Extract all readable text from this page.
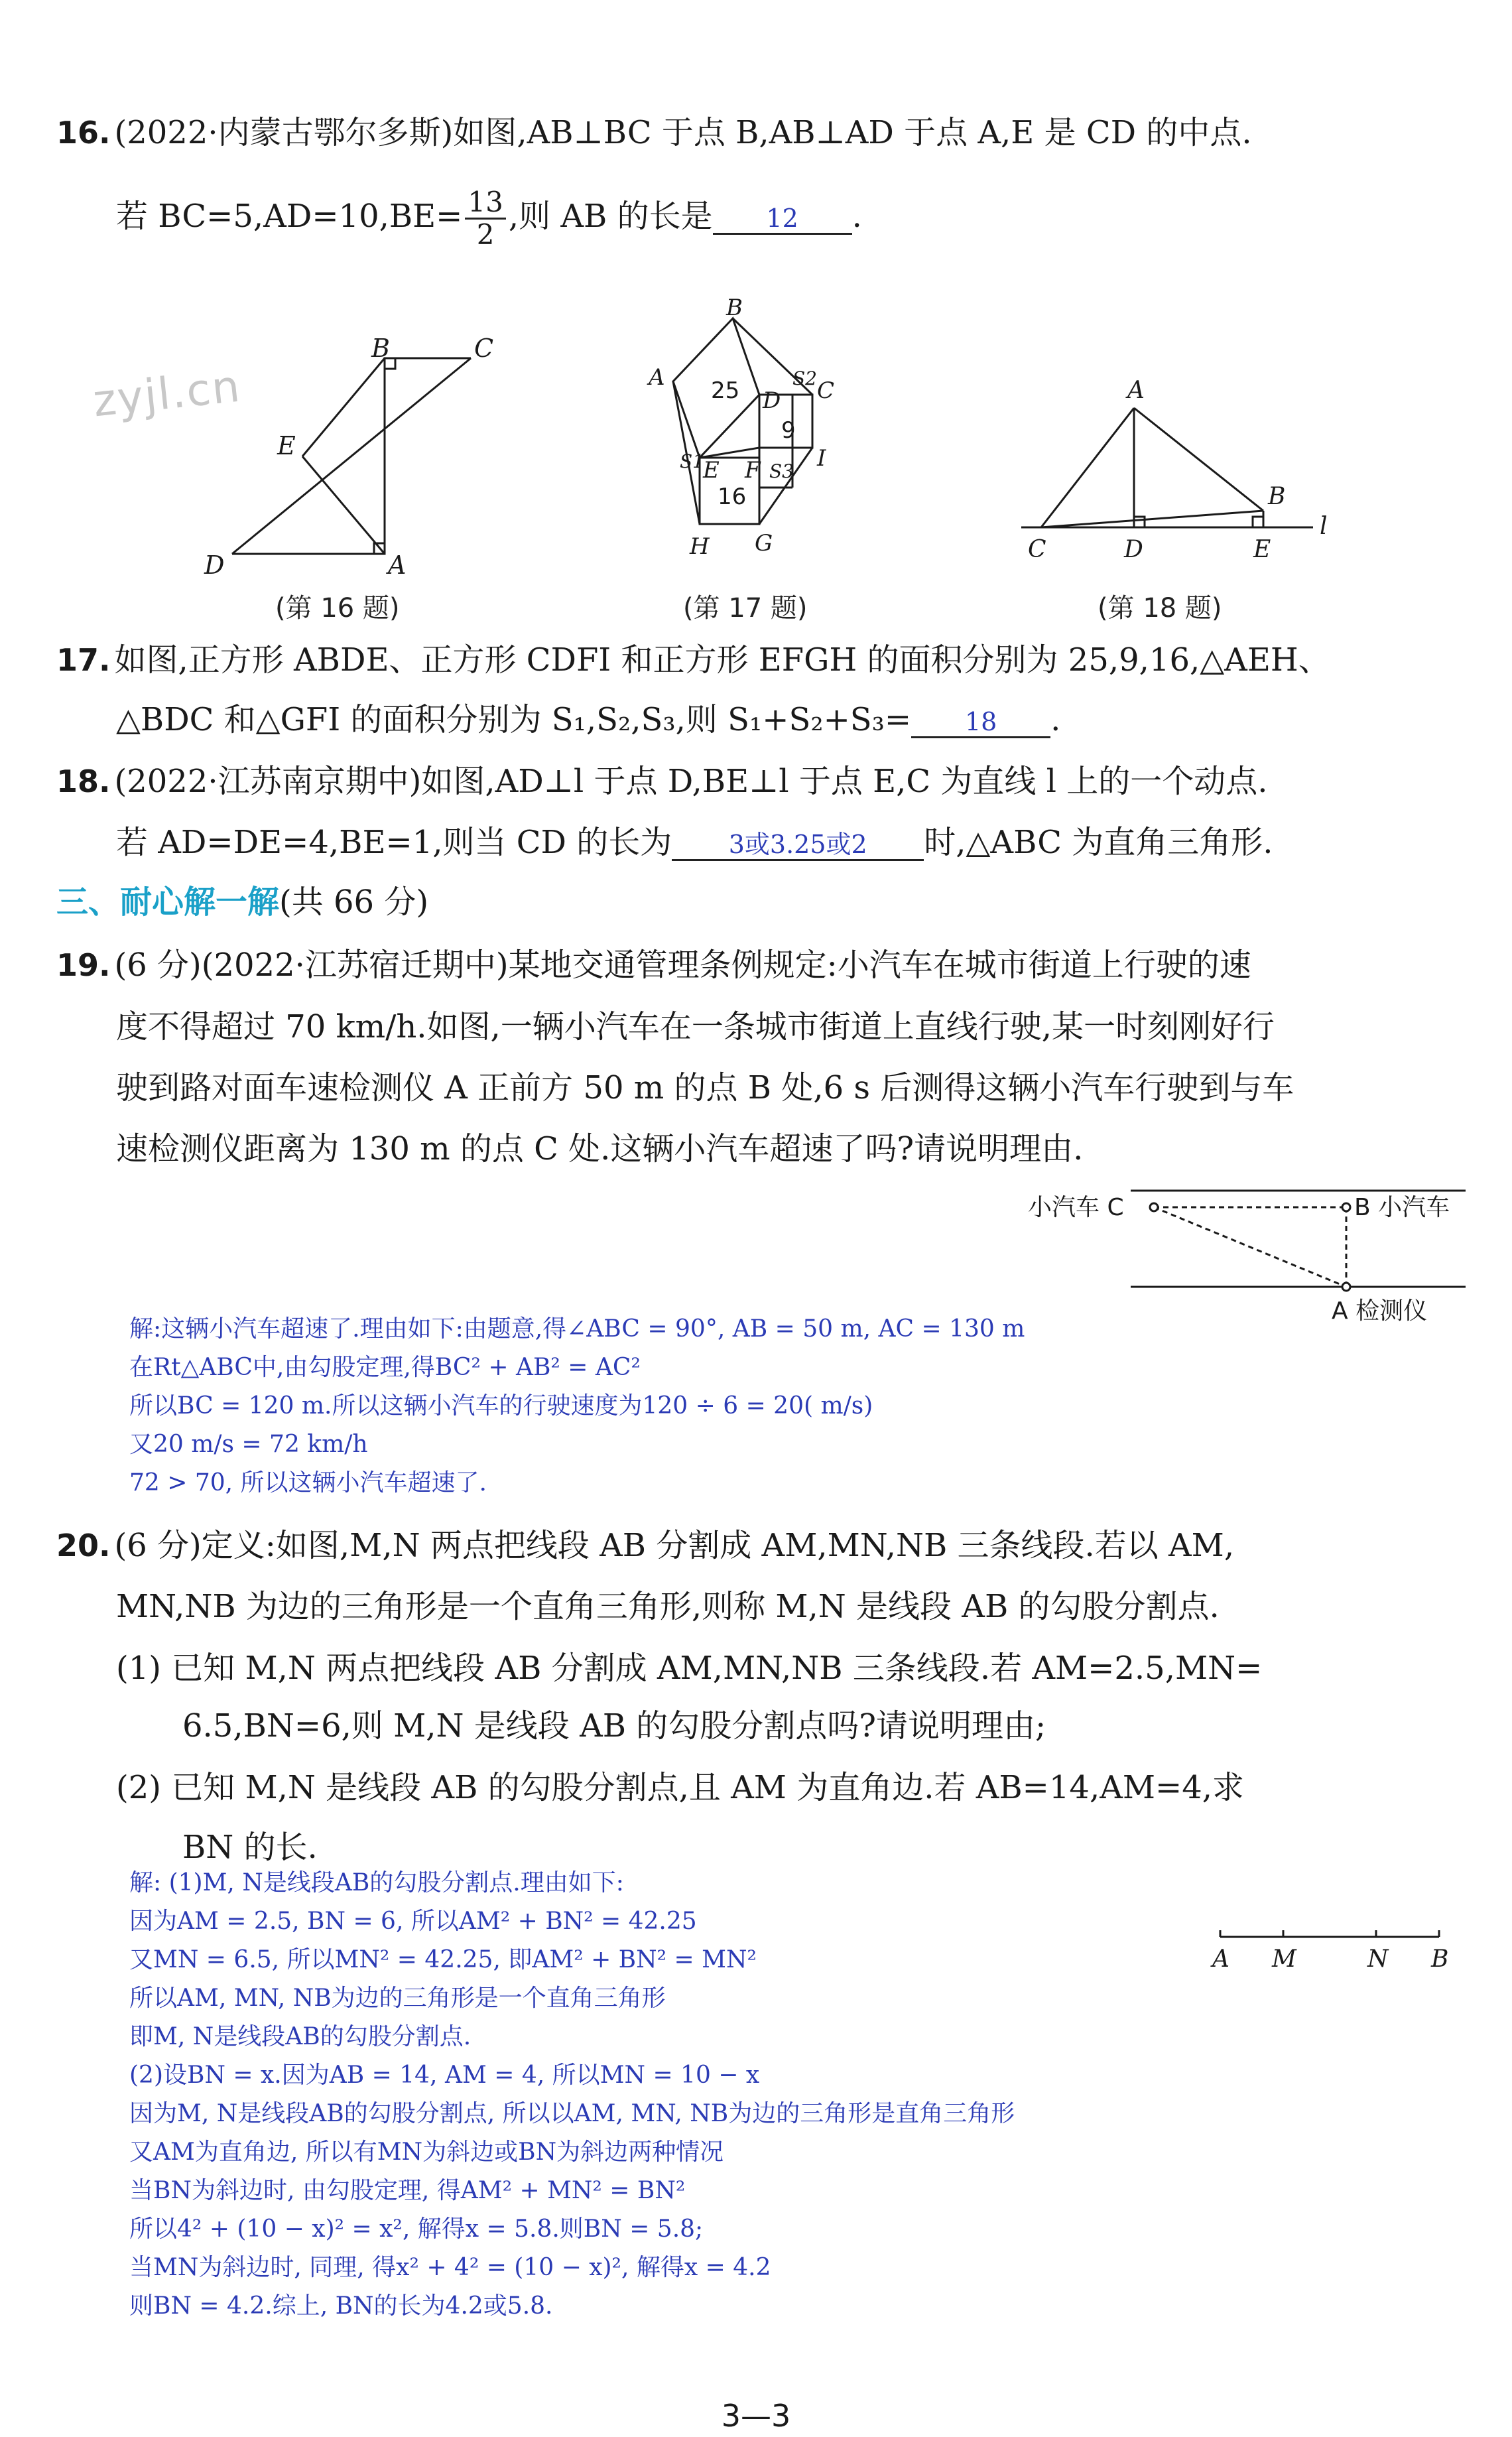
16. (2022·内蒙古鄂尔多斯)如图,AB⊥BC 于点 B,AB⊥AD 于点 A,E 是 CD 的中点.
若 $BC=5,AD=10,BE= \frac{13}{2}$ ,则 AB 的长是 12 .
zyjl.cn
B	C
E
D	A
(第 16 题)
B
A	C
D
S2
25
9
S1
E F S3 I
16
H G
(第 17 题)
A
B
C	D	E
l
(第 18 题)
17. 如图,正方形 ABDE、正方形 CDFI 和正方形 EFGH 的面积分别为 25,9,16,△AEH、
△BDC 和△GFI 的面积分别为 S₁,S₂,S₃,则 S₁+S₂+S₃= 18 .
18. (2022·江苏南京期中)如图,AD⊥l 于点 D,BE⊥l 于点 E,C 为直线 l 上的一个动点.
若 AD=DE=4,BE=1,则当 CD 的长为 3或3.25或2 时,△ABC 为直角三角形.
三、耐心解一解(共 66 分)
19. (6 分)(2022·江苏宿迁期中)某地交通管理条例规定:小汽车在城市街道上行驶的速
度不得超过 70 km/h.如图,一辆小汽车在一条城市街道上直线行驶,某一时刻刚好行
驶到路对面车速检测仪 A 正前方 50 m 的点 B 处,6 s 后测得这辆小汽车行驶到与车
速检测仪距离为 130 m 的点 C 处.这辆小汽车超速了吗?请说明理由.
小汽车 C	B 小汽车
A 检测仪
解:这辆小汽车超速了.理由如下:由题意,得∠ABC = 90°, AB = 50 m, AC = 130 m
在Rt△ABC中,由勾股定理,得BC² + AB² = AC²
所以BC = 120 m.所以这辆小汽车的行驶速度为120 ÷ 6 = 20( m/s)
又20 m/s = 72 km/h
72 > 70, 所以这辆小汽车超速了.
20. (6 分)定义:如图,M,N 两点把线段 AB 分割成 AM,MN,NB 三条线段.若以 AM,
MN,NB 为边的三角形是一个直角三角形,则称 M,N 是线段 AB 的勾股分割点.
(1) 已知 M,N 两点把线段 AB 分割成 AM,MN,NB 三条线段.若 AM=2.5,MN=
6.5,BN=6,则 M,N 是线段 AB 的勾股分割点吗?请说明理由;
(2) 已知 M,N 是线段 AB 的勾股分割点,且 AM 为直角边.若 AB=14,AM=4,求
BN 的长.
A M	N B
解: (1)M, N是线段AB的勾股分割点.理由如下:
因为AM = 2.5, BN = 6, 所以AM² + BN² = 42.25
又MN = 6.5, 所以MN² = 42.25, 即AM² + BN² = MN²
所以AM, MN, NB为边的三角形是一个直角三角形
即M, N是线段AB的勾股分割点.
(2)设BN = x.因为AB = 14, AM = 4, 所以MN = 10 − x
因为M, N是线段AB的勾股分割点, 所以以AM, MN, NB为边的三角形是直角三角形
又AM为直角边, 所以有MN为斜边或BN为斜边两种情况
当BN为斜边时, 由勾股定理, 得AM² + MN² = BN²
所以4² + (10 − x)² = x², 解得x = 5.8.则BN = 5.8;
当MN为斜边时, 同理, 得x² + 4² = (10 − x)², 解得x = 4.2
则BN = 4.2.综上, BN的长为4.2或5.8.
3—3
